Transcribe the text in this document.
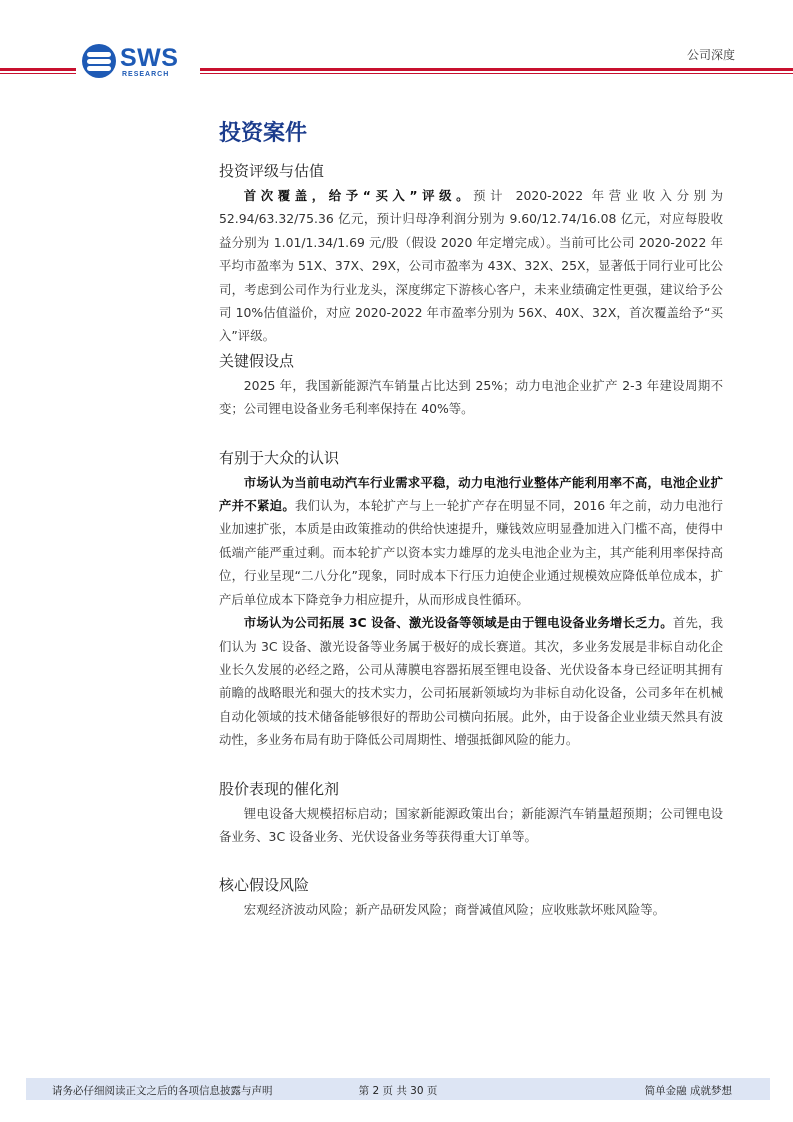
SWS
RESEARCH
公司深度
投资案件
投资评级与估值

首次覆盖，给予“买入”评级。预计 2020-2022 年营业收入分别为 52.94/63.32/75.36 亿元，预计归母净利润分别为 9.60/12.74/16.08 亿元，对应每股收益分别为 1.01/1.34/1.69 元/股（假设 2020 年定增完成）。当前可比公司 2020-2022 年平均市盈率为 51X、37X、29X，公司市盈率为 43X、32X、25X，显著低于同行业可比公司，考虑到公司作为行业龙头，深度绑定下游核心客户，未来业绩确定性更强，建议给予公司 10%估值溢价，对应 2020-2022 年市盈率分别为 56X、40X、32X，首次覆盖给予“买入”评级。

关键假设点

2025 年，我国新能源汽车销量占比达到 25%；动力电池企业扩产 2-3 年建设周期不变；公司锂电设备业务毛利率保持在 40%等。

有别于大众的认识

市场认为当前电动汽车行业需求平稳，动力电池行业整体产能利用率不高，电池企业扩产并不紧迫。我们认为，本轮扩产与上一轮扩产存在明显不同，2016 年之前，动力电池行业加速扩张，本质是由政策推动的供给快速提升，赚钱效应明显叠加进入门槛不高，使得中低端产能严重过剩。而本轮扩产以资本实力雄厚的龙头电池企业为主，其产能利用率保持高位，行业呈现“二八分化”现象，同时成本下行压力迫使企业通过规模效应降低单位成本，扩产后单位成本下降竞争力相应提升，从而形成良性循环。

市场认为公司拓展 3C 设备、激光设备等领域是由于锂电设备业务增长乏力。首先，我们认为 3C 设备、激光设备等业务属于极好的成长赛道。其次，多业务发展是非标自动化企业长久发展的必经之路，公司从薄膜电容器拓展至锂电设备、光伏设备本身已经证明其拥有前瞻的战略眼光和强大的技术实力，公司拓展新领域均为非标自动化设备，公司多年在机械自动化领域的技术储备能够很好的帮助公司横向拓展。此外，由于设备企业业绩天然具有波动性，多业务布局有助于降低公司周期性、增强抵御风险的能力。

股价表现的催化剂

锂电设备大规模招标启动；国家新能源政策出台；新能源汽车销量超预期；公司锂电设备业务、3C 设备业务、光伏设备业务等获得重大订单等。

核心假设风险

宏观经济波动风险；新产品研发风险；商誉减值风险；应收账款坏账风险等。

请务必仔细阅读正文之后的各项信息披露与声明	第 2 页 共 30 页	简单金融 成就梦想
